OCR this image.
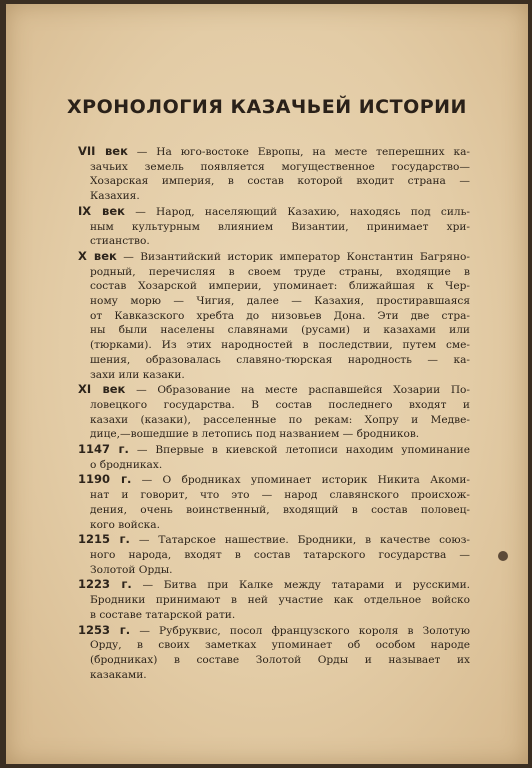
ХРОНОЛОГИЯ КАЗАЧЬЕЙ ИСТОРИИ
VII век — На юго-востоке Европы, на месте теперешних ка-
зачьих земель появляется могущественное государство—
Хозарская империя, в состав которой входит страна —
Казахия.
IX век — Народ, населяющий Казахию, находясь под силь-
ным культурным влиянием Византии, принимает хри-
стианство.
X век — Византийский историк император Константин Багряно-
родный, перечисляя в своем труде страны, входящие в
состав Хозарской империи, упоминает: ближайшая к Чер-
ному морю — Чигия, далее — Казахия, простиравшаяся
от Кавказского хребта до низовьев Дона. Эти две стра-
ны были населены славянами (русами) и казахами или
(тюрками). Из этих народностей в последствии, путем сме-
шения, образовалась славяно-тюрская народность — ка-
захи или казаки.
XI век — Образование на месте распавшейся Хозарии По-
ловецкого государства. В состав последнего входят и
казахи (казаки), расселенные по рекам: Хопру и Медве-
дице,—вошедшие в летопись под названием — бродников.
1147 г. — Впервые в киевской летописи находим упоминание
о бродниках.
1190 г. — О бродниках упоминает историк Никита Акоми-
нат и говорит, что это — народ славянского происхож-
дения, очень воинственный, входящий в состав половец-
кого войска.
1215 г. — Татарское нашествие. Бродники, в качестве союз-
ного народа, входят в состав татарского государства —
Золотой Орды.
1223 г. — Битва при Калке между татарами и русскими.
Бродники принимают в ней участие как отдельное войско
в составе татарской рати.
1253 г. — Рубруквис, посол французского короля в Золотую
Орду, в своих заметках упоминает об особом народе
(бродниках) в составе Золотой Орды и называет их
казаками.
